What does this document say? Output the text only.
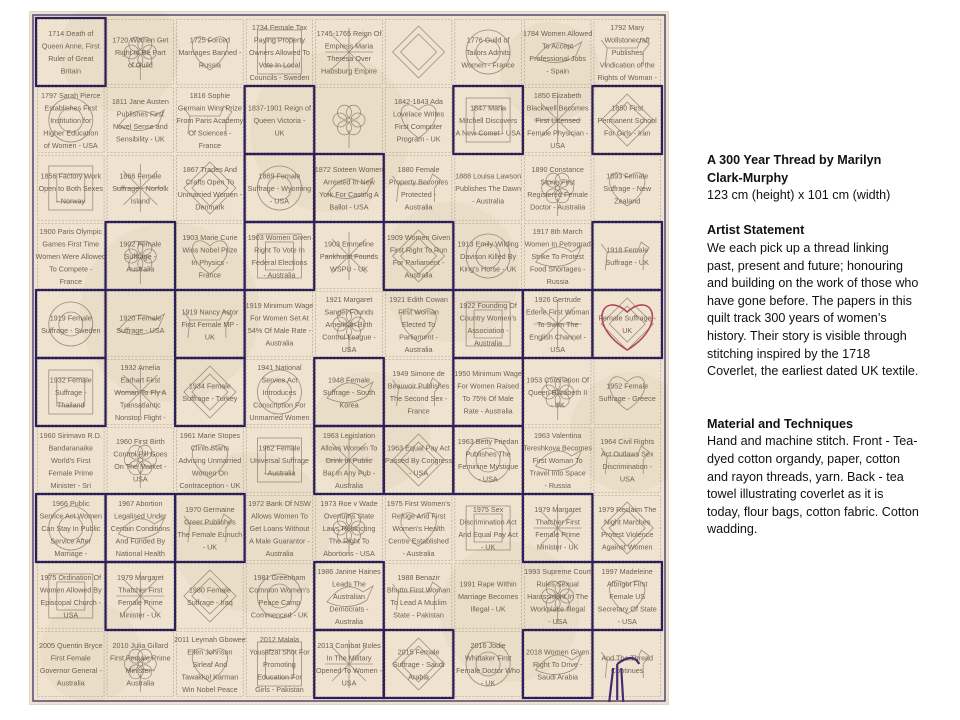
1714 Death of Queen Anne, First Ruler of Great Britain
1720 Women Get Right to Be Part of Guild
1725 Forced Marriages Banned -Russia
1734 Female Tax Paying Property Owners Allowed To Vote In Local Councils - Sweden
1745-1765 Reign Of Empress Maria Theresa Over Habsburg Empire
1776 Guild of Tailors Admits Women - France
1784 Women Allowed To Accept Professional Jobs - Spain
1792 Mary Wollstonecraft Publishes Vindication of the Rights of Woman -
1797 Sarah Pierce Establishes First Institution for Higher Education of Women - USA
1811 Jane Austen Publishes First Novel Sense and Sensibility - UK
1816 Sophie Germain Wins Prize From Paris Academy Of Sciences -France
1837-1901 Reign of Queen Victoria -UK
1842-1843 Ada Lovelace Writes First Computer Program - UK
1847 Maria Mitchell Discovers A New Comet - USA
1850 Elizabeth Blackwell Becomes First Licensed Female Physician -USA
1850 First Permanent School For Girls - Iran
1856 Factory Work Open to Both Sexes - Norway
1866 Female Suffrage - Norfolk Island
1867 Trades And Crafts Open To Unmarried Women -Denmark
1869 Female Suffrage - Wyoming - USA
1872 Sixteen Women Arrested In New York For Casting A Ballot - USA
1880 Female Property Becomes Protected -Australia
1888 Louisa Lawson Publishes The Dawn - Australia
1890 Constance Stone First Registered Female Doctor - Australia
1893 Female Suffrage - New Zealand
1900 Paris Olympic Games First Time Women Were Allowed To Compete -France
1902 Female Suffrage -Australia
1903 Marie Curie Wins Nobel Prize In Physics -France
1903 Women Given Right To Vote In Federal Elections - Australia
1903 Emmeline Pankhurst Founds WSPU - UK
1909 Women Given First Right To Run For Parliament -Australia
1913 Emily Wilding Davison Killed By King's Horse - UK
1917 8th March Women In Petrograd Strike To Protest Food Shortages -Russia
1918 Female Suffrage - UK
1919 Female Suffrage - Sweden
1920 Female Suffrage - USA
1919 Nancy Astor First Female MP -UK
1919 Minimum Wage For Women Set At 54% Of Male Rate -Australia
1921 Margaret Sanger Founds American Birth Control League -USA
1921 Edith Cowan First Woman Elected To Parliament -Australia
1922 Founding Of Country Women's Association -Australia
1926 Gertrude Ederle First Woman To Swim The English Channel -USA
Female Suffrage -UK
1932 Female Suffrage -Thailand
1932 Amelia Earhart First Woman To Fly A Transatlantic Nonstop Flight -
1934 Female Suffrage - Turkey
1941 National Service Act Introduces Conscription For Unmarried Women
1948 Female Suffrage - South Korea
1949 Simone de Beauvoir Publishes The Second Sex -France
1950 Minimum Wage For Women Raised To 75% Of Male Rate - Australia
1953 Coronation Of Queen Elizabeth II - UK
1952 Female Suffrage - Greece
1960 Sirimavo R.D. Bandaranaike World's First Female Prime Minister - Sri
1960 First Birth Control Pill Goes On The Market -USA
1961 Marie Stopes Clinic Starts Advising Unmarried Women On Contraception - UK
1962 Female Universal Suffrage - Australia
1963 Legislation Allows Women To Drink In Public Bar In Any Pub -Australia
1963 Equal Pay Act Passed By Congress - USA
1963 Betty Friedan Publishes The Feminine Mystique - USA
1963 Valentina Tereshkova Becomes First Woman To Travel Into Space - Russia
1964 Civil Rights Act Outlaws Sex Discrimination -USA
1966 Public Service Act Women Can Stay In Public Service After Marriage -
1967 Abortion Legalised Under Certain Conditions And Funded By National Health
1970 Germaine Greer Publishes The Female Eunuch - UK
1972 Bank Of NSW Allows Women To Get Loans Without A Male Guarantor -Australia
1973 Roe v Wade Overturns State Laws Restricting The Right To Abortions - USA
1975 First Women's Refuge And First Women's Health Centre Established - Australia
1975 Sex Discrimination Act And Equal Pay Act - UK
1979 Margaret Thatcher First Female Prime Minister - UK
1979 Reclaim The Night Marches Protest Violence Against Women
1975 Ordination Of Women Allowed By Episcopal Church -USA
1979 Margaret Thatcher First Female Prime Minister - UK
1980 Female Suffrage - Iraq
1981 Greenham Common Women's Peace Camp Commenced - UK
1986 Janine Haines Leads The Australian Democrats -Australia
1988 Benazir Bhutto First Woman To Lead A Muslim State - Pakistan
1991 Rape Within Marriage Becomes Illegal - UK
1993 Supreme Court Rules Sexual Harassment In The Workplace Illegal - USA
1997 Madeleine Albright First Female US Secretary Of State - USA
2005 Quentin Bryce First Female Governor General -Australia
2010 Julia Gillard First Female Prime Minister -Australia
2011 Leymah Gbowee Ellen Johnson Sirleaf And Tawakkol Karman Win Nobel Peace
2012 Malala Yousafzai Shot For Promoting Education For Girls - Pakistan
2013 Combat Roles In The Military Opened To Women -USA
2015 Female Suffrage - Saudi Arabia
2016 Jodie Whittaker First Female Doctor Who - UK
2018 Women Given Right To Drive -Saudi Arabia
And The Thread Continues

A 300 Year Thread by Marilyn Clark-Murphy

123 cm (height) x 101 cm (width)

Artist Statement

We each pick up a thread linking past, present and future; honouring and building on the work of those who have gone before. The papers in this quilt track 300 years of women’s history. Their story is visible through stitching inspired by the 1718 Coverlet, the earliest dated UK textile.

Material and Techniques

Hand and machine stitch. Front - Tea-dyed cotton organdy, paper, cotton and rayon threads, yarn. Back - tea towel illustrating coverlet as it is today, flour bags, cotton fabric. Cotton wadding.
